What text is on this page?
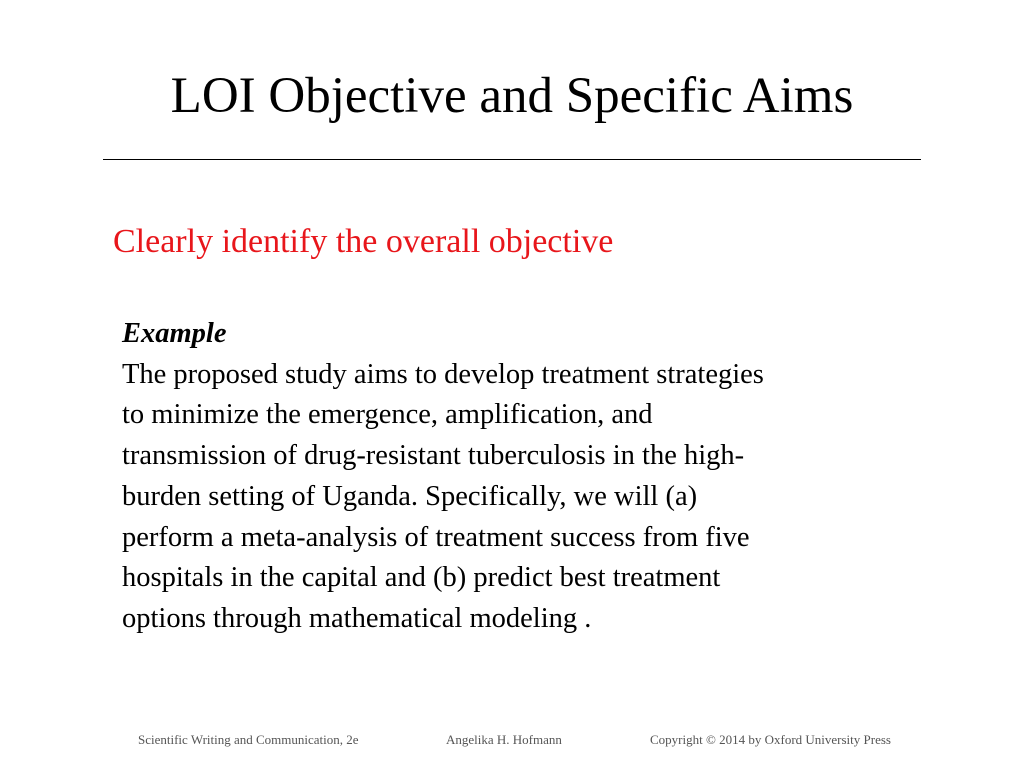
LOI Objective and Specific Aims

Clearly identify the overall objective

Example
The proposed study aims to develop treatment strategies
to minimize the emergence, amplification, and
transmission of drug-resistant tuberculosis in the high-
burden setting of Uganda. Specifically, we will (a)
perform a meta-analysis of treatment success from five
hospitals in the capital and (b) predict best treatment
options through mathematical modeling .
Scientific Writing and Communication, 2e	Angelika H. Hofmann	Copyright © 2014 by Oxford University Press
